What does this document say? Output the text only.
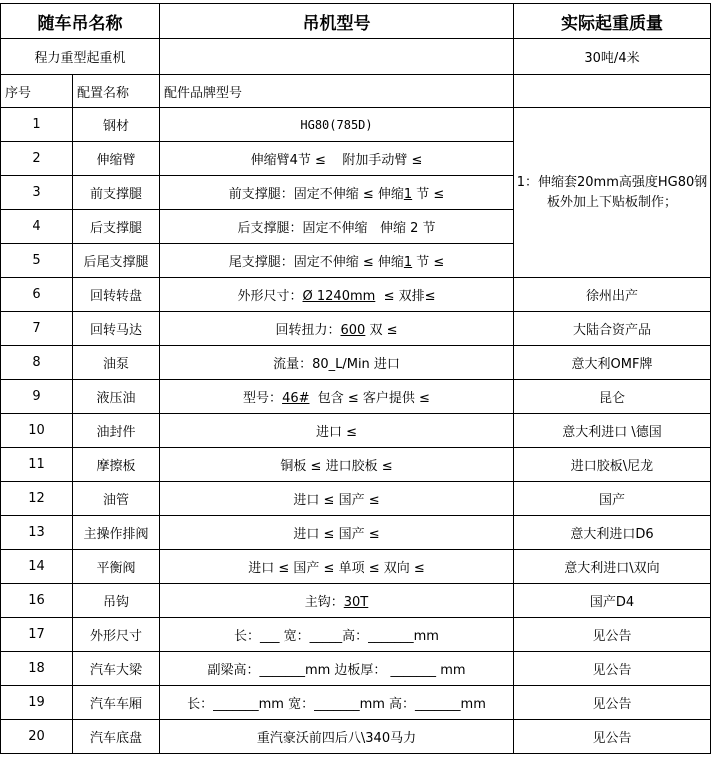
随车吊名称		吊机型号	实际起重质量
程力重型起重机			30吨/4米
序号	配置名称	配件品牌型号	
1	钢材	HG80(785D)	1：伸缩套20mm高强度HG80钢板外加上下贴板制作；
2	伸缩臂	伸缩臂4节 ≤ 附加手动臂 ≤	
3	前支撑腿	前支撑腿：固定不伸缩 ≤ 伸缩1 节 ≤	
4	后支撑腿	后支撑腿：固定不伸缩 伸缩 2 节	
5	后尾支撑腿	尾支撑腿：固定不伸缩 ≤ 伸缩1 节 ≤	
6	回转转盘	外形尺寸：Ø 1240mm ≤ 双排≤	徐州出产
7	回转马达	回转扭力：600 双 ≤	大陆合资产品
8	油泵	流量：80_L/Min 进口	意大利OMF牌
9	液压油	型号：46#  包含 ≤ 客户提供 ≤	昆仑
10	油封件	进口 ≤	意大利进口 \德国
11	摩擦板	铜板 ≤ 进口胶板 ≤	进口胶板\尼龙
12	油管	进口 ≤ 国产 ≤	国产
13	主操作排阀	进口 ≤ 国产 ≤	意大利进口D6
14	平衡阀	进口 ≤ 国产 ≤ 单项 ≤ 双向 ≤	意大利进口\双向
16	吊钩	主钩：30T	国产D4
17	外形尺寸	长：___ 宽：_____高：_______mm	见公告
18	汽车大梁	副梁高：_______mm 边板厚： _______ mm	见公告
19	汽车车厢	长：_______mm 宽：_______mm 高：_______mm	见公告
20	汽车底盘	重汽豪沃前四后八\340马力	见公告
